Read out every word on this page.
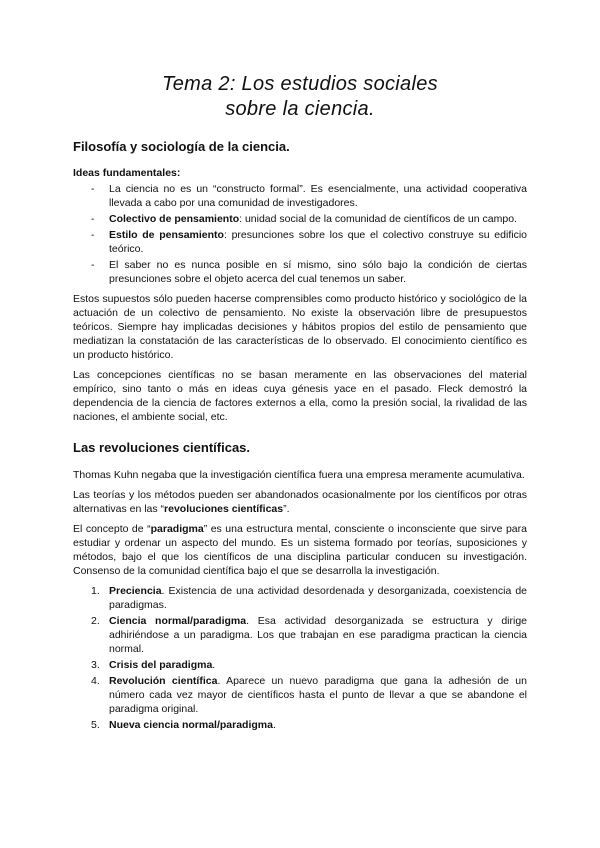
Tema 2: Los estudios sociales
sobre la ciencia.
Filosofía y sociología de la ciencia.
Ideas fundamentales:
- La ciencia no es un “constructo formal”. Es esencialmente, una actividad cooperativa llevada a cabo por una comunidad de investigadores.
- Colectivo de pensamiento: unidad social de la comunidad de científicos de un campo.
- Estilo de pensamiento: presunciones sobre los que el colectivo construye su edificio teórico.
- El saber no es nunca posible en sí mismo, sino sólo bajo la condición de ciertas presunciones sobre el objeto acerca del cual tenemos un saber.

Estos supuestos sólo pueden hacerse comprensibles como producto histórico y sociológico de la actuación de un colectivo de pensamiento. No existe la observación libre de presupuestos teóricos. Siempre hay implicadas decisiones y hábitos propios del estilo de pensamiento que mediatizan la constatación de las características de lo observado. El conocimiento científico es un producto histórico.

Las concepciones científicas no se basan meramente en las observaciones del material empírico, sino tanto o más en ideas cuya génesis yace en el pasado. Fleck demostró la dependencia de la ciencia de factores externos a ella, como la presión social, la rivalidad de las naciones, el ambiente social, etc.

Las revoluciones científicas.

Thomas Kuhn negaba que la investigación científica fuera una empresa meramente acumulativa.

Las teorías y los métodos pueden ser abandonados ocasionalmente por los científicos por otras alternativas en las “revoluciones científicas”.

El concepto de “paradigma” es una estructura mental, consciente o inconsciente que sirve para estudiar y ordenar un aspecto del mundo. Es un sistema formado por teorías, suposiciones y métodos, bajo el que los científicos de una disciplina particular conducen su investigación. Consenso de la comunidad científica bajo el que se desarrolla la investigación.

1. Preciencia. Existencia de una actividad desordenada y desorganizada, coexistencia de paradigmas.
2. Ciencia normal/paradigma. Esa actividad desorganizada se estructura y dirige adhiriéndose a un paradigma. Los que trabajan en ese paradigma practican la ciencia normal.
3. Crisis del paradigma.
4. Revolución científica. Aparece un nuevo paradigma que gana la adhesión de un número cada vez mayor de científicos hasta el punto de llevar a que se abandone el paradigma original.
5. Nueva ciencia normal/paradigma.
